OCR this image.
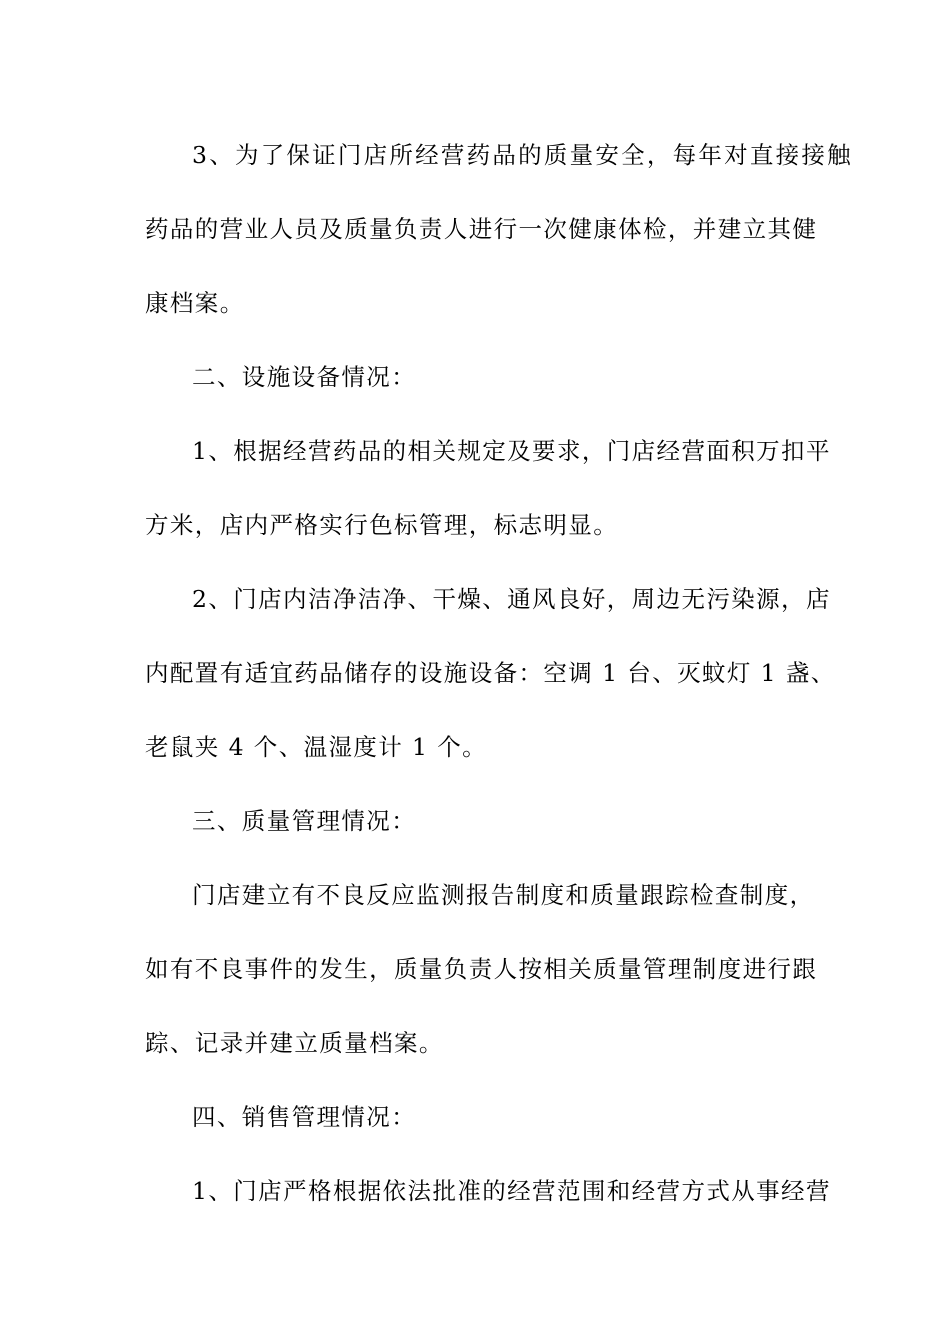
3、为了保证门店所经营药品的质量安全，每年对直接接触

药品的营业人员及质量负责人进行一次健康体检，并建立其健

康档案。

二、设施设备情况：

1、根据经营药品的相关规定及要求，门店经营面积万扣平

方米，店内严格实行色标管理，标志明显。

2、门店内洁净洁净、干燥、通风良好，周边无污染源，店

内配置有适宜药品储存的设施设备：空调 1 台、灭蚊灯 1 盏、

老鼠夹 4 个、温湿度计 1 个。

三、质量管理情况：

门店建立有不良反应监测报告制度和质量跟踪检查制度，

如有不良事件的发生，质量负责人按相关质量管理制度进行跟

踪、记录并建立质量档案。

四、销售管理情况：

1、门店严格根据依法批准的经营范围和经营方式从事经营
